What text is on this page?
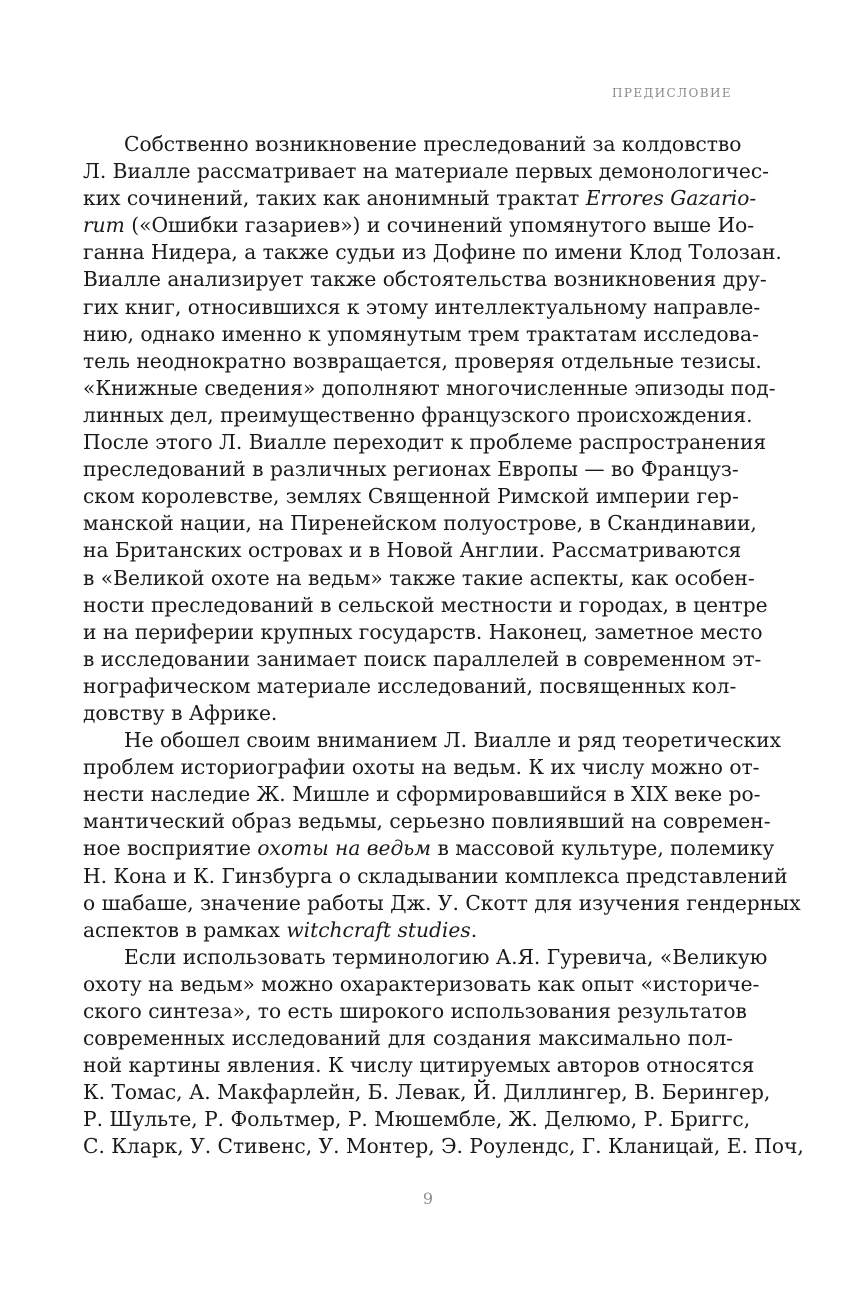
ПРЕДИСЛОВИЕ
Собственно возникновение преследований за колдовство
Л. Виалле рассматривает на материале первых демонологичес-
ких сочинений, таких как анонимный трактат Errores Gazario-
rum («Ошибки газариев») и сочинений упомянутого выше Ио-
ганна Нидера, а также судьи из Дофине по имени Клод Толозан.
Виалле анализирует также обстоятельства возникновения дру-
гих книг, относившихся к этому интеллектуальному направле-
нию, однако именно к упомянутым трем трактатам исследова-
тель неоднократно возвращается, проверяя отдельные тезисы.
«Книжные сведения» дополняют многочисленные эпизоды под-
линных дел, преимущественно французского происхождения.
После этого Л. Виалле переходит к проблеме распространения
преследований в различных регионах Европы — во Француз-
ском королевстве, землях Священной Римской империи гер-
манской нации, на Пиренейском полуострове, в Скандинавии,
на Британских островах и в Новой Англии. Рассматриваются
в «Великой охоте на ведьм» также такие аспекты, как особен-
ности преследований в сельской местности и городах, в центре
и на периферии крупных государств. Наконец, заметное место
в исследовании занимает поиск параллелей в современном эт-
нографическом материале исследований, посвященных кол-
довству в Африке.
Не обошел своим вниманием Л. Виалле и ряд теоретических
проблем историографии охоты на ведьм. К их числу можно от-
нести наследие Ж. Мишле и сформировавшийся в XIX веке ро-
мантический образ ведьмы, серьезно повлиявший на современ-
ное восприятие охоты на ведьм в массовой культуре, полемику
Н. Кона и К. Гинзбурга о складывании комплекса представлений
о шабаше, значение работы Дж. У. Скотт для изучения гендерных
аспектов в рамках witchcraft studies.
Если использовать терминологию А.Я. Гуревича, «Великую
охоту на ведьм» можно охарактеризовать как опыт «историче-
ского синтеза», то есть широкого использования результатов
современных исследований для создания максимально пол-
ной картины явления. К числу цитируемых авторов относятся
К. Томас, А. Макфарлейн, Б. Левак, Й. Диллингер, В. Берингер,
Р. Шульте, Р. Фольтмер, Р. Мюшембле, Ж. Делюмо, Р. Бриггс,
С. Кларк, У. Стивенс, У. Монтер, Э. Роулендс, Г. Кланицай, Е. Поч,
9
